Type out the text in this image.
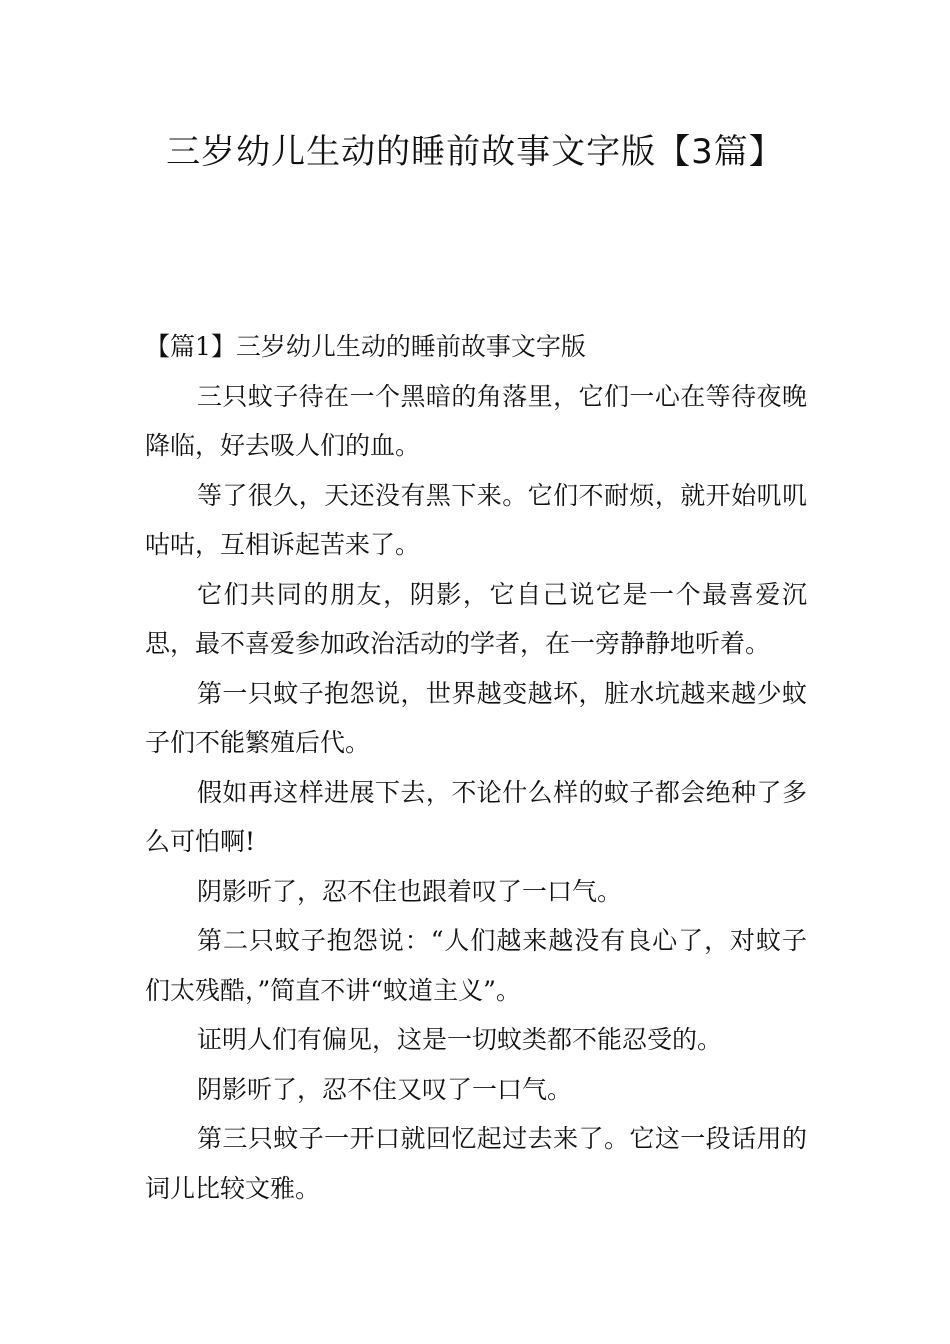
三岁幼儿生动的睡前故事文字版【3篇】

【篇1】三岁幼儿生动的睡前故事文字版

三只蚊子待在一个黑暗的角落里，它们一心在等待夜晚降临，好去吸人们的血。

等了很久，天还没有黑下来。它们不耐烦，就开始叽叽咕咕，互相诉起苦来了。

它们共同的朋友，阴影，它自己说它是一个最喜爱沉思，最不喜爱参加政治活动的学者，在一旁静静地听着。

第一只蚊子抱怨说，世界越变越坏，脏水坑越来越少蚊子们不能繁殖后代。

假如再这样进展下去，不论什么样的蚊子都会绝种了多么可怕啊!

阴影听了，忍不住也跟着叹了一口气。

第二只蚊子抱怨说：“人们越来越没有良心了，对蚊子们太残酷，”简直不讲“蚊道主义”。

证明人们有偏见，这是一切蚊类都不能忍受的。

阴影听了，忍不住又叹了一口气。

第三只蚊子一开口就回忆起过去来了。它这一段话用的词儿比较文雅。
